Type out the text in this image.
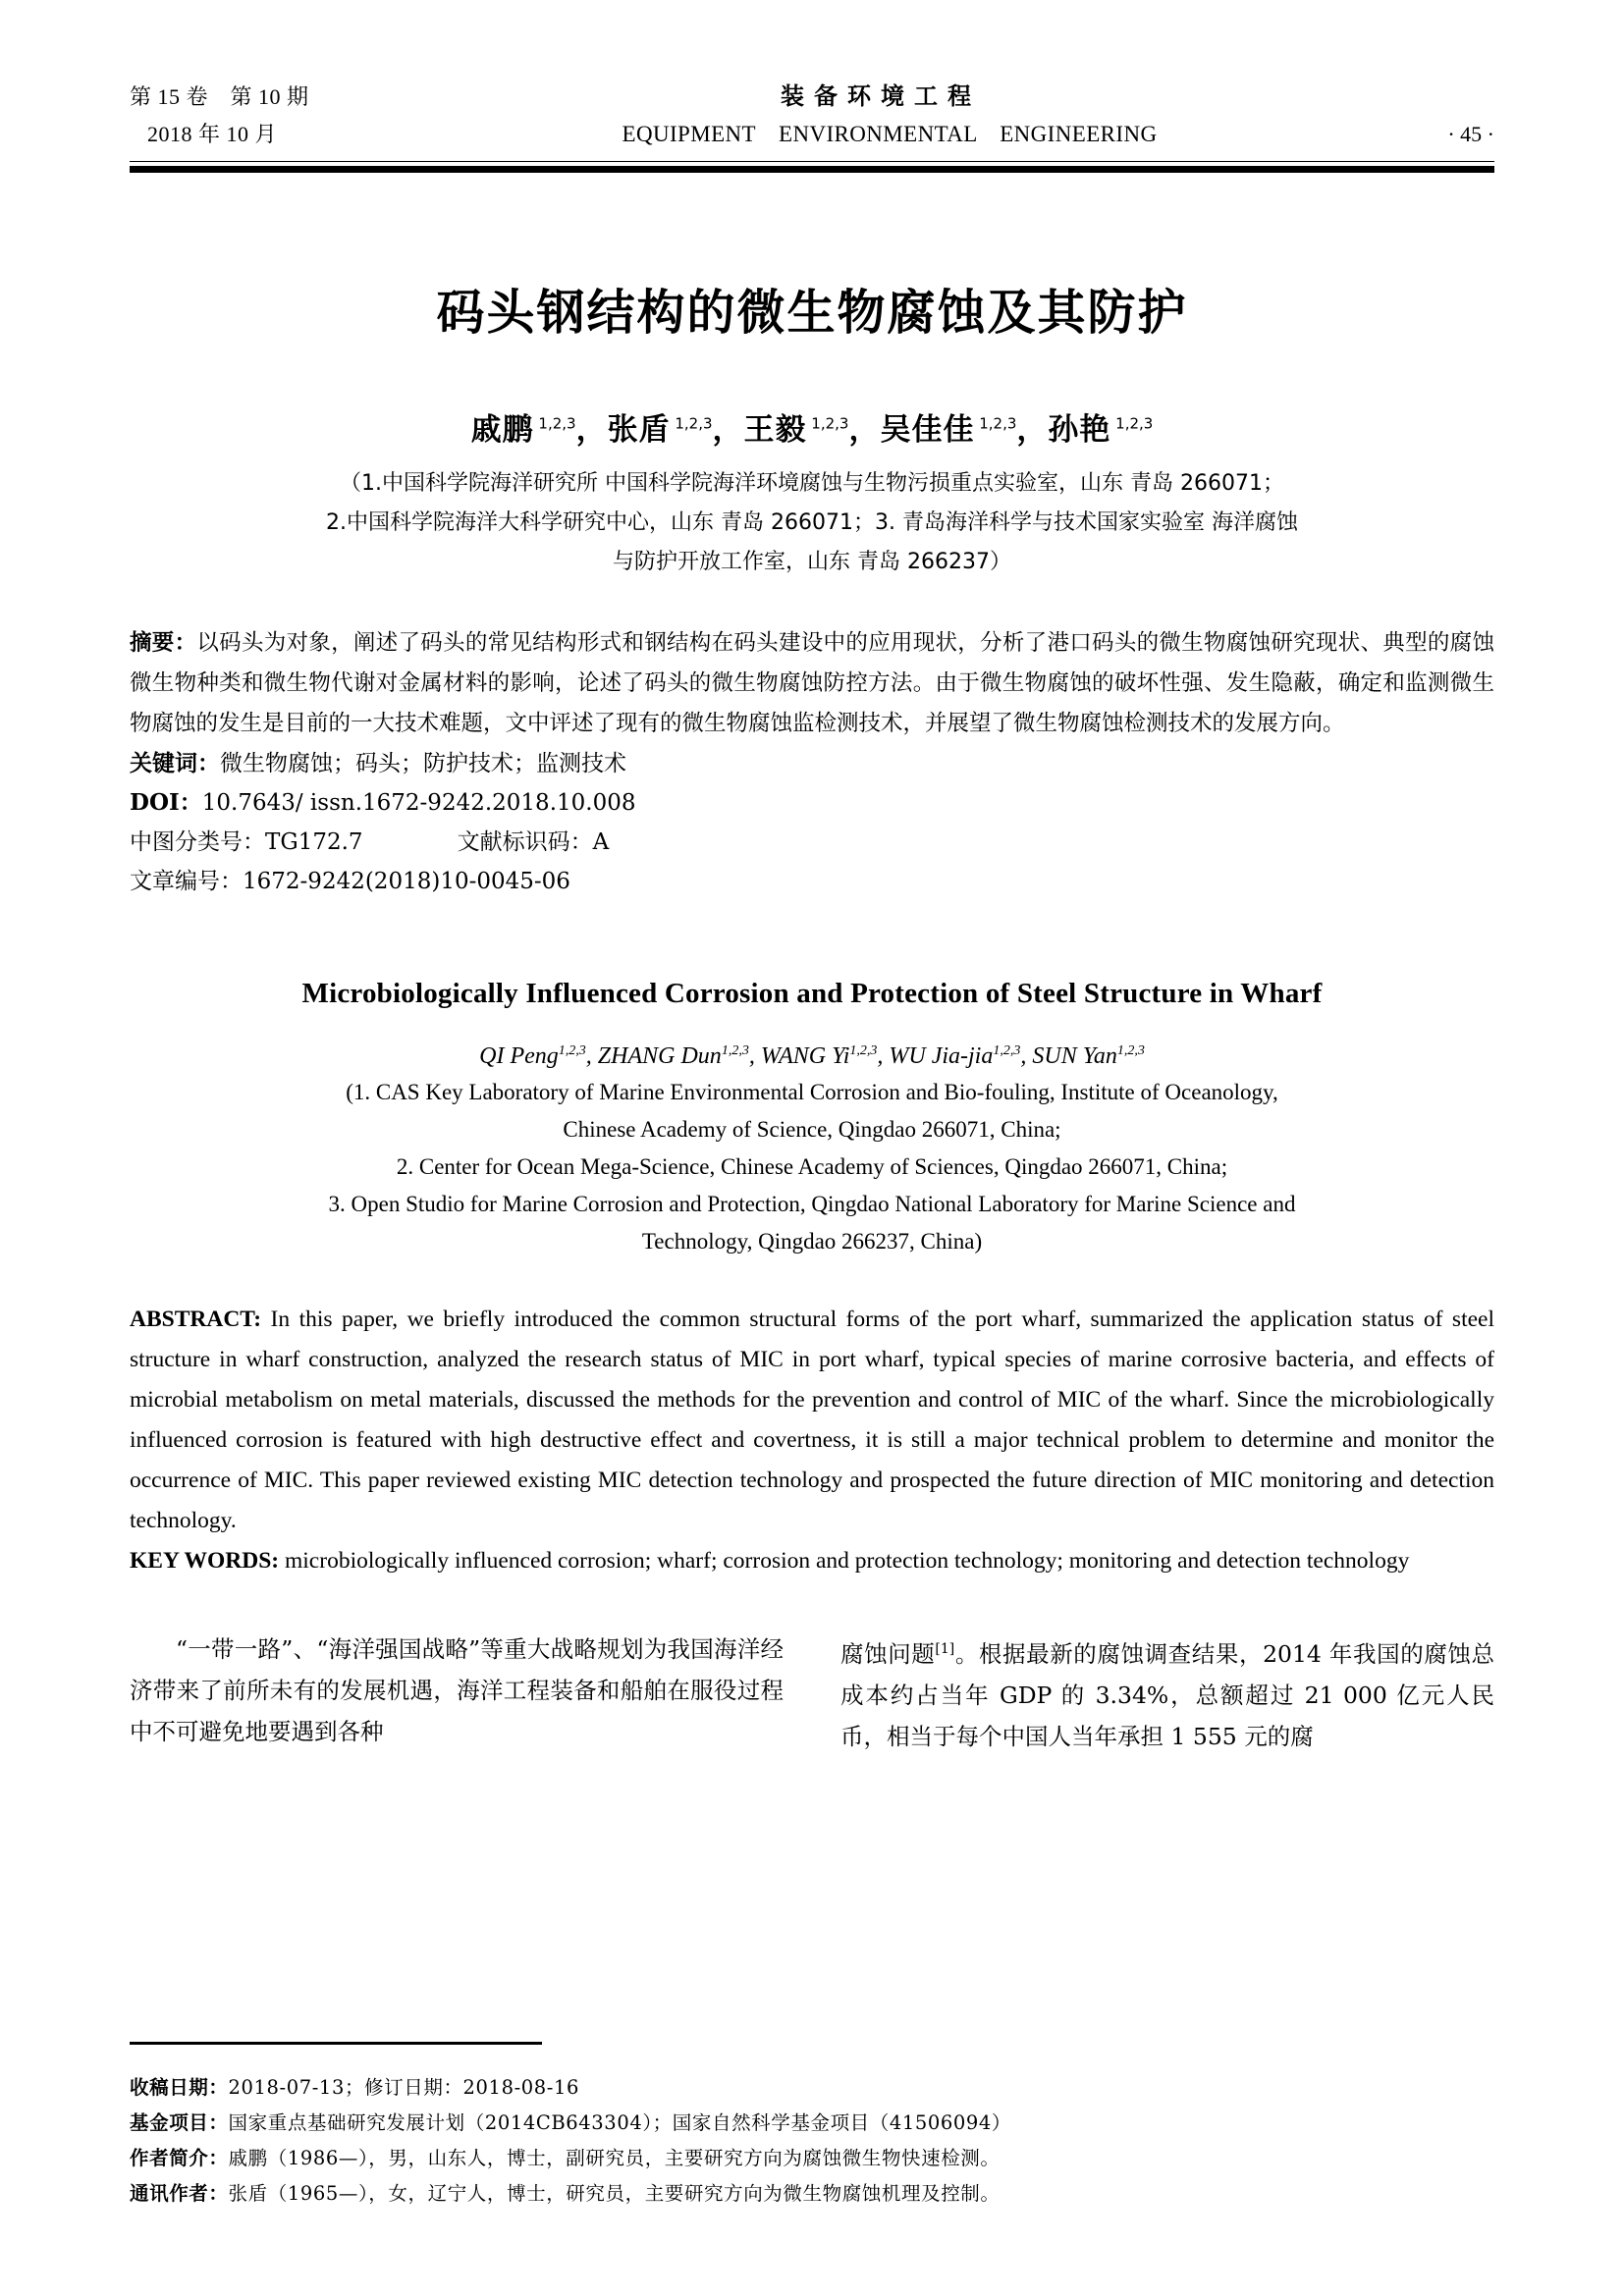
第 15 卷　第 10 期	装备环境工程
2018 年 10 月	EQUIPMENT　ENVIRONMENTAL　ENGINEERING	· 45 ·
码头钢结构的微生物腐蚀及其防护
戚鹏 $^{1,2,3}$，张盾 $^{1,2,3}$，王毅 $^{1,2,3}$，吴佳佳 $^{1,2,3}$，孙艳 $^{1,2,3}$
（1.中国科学院海洋研究所 中国科学院海洋环境腐蚀与生物污损重点实验室，山东 青岛 266071；
2.中国科学院海洋大科学研究中心，山东 青岛 266071；3. 青岛海洋科学与技术国家实验室 海洋腐蚀
与防护开放工作室，山东 青岛 266237）
摘要：以码头为对象，阐述了码头的常见结构形式和钢结构在码头建设中的应用现状，分析了港口码头的微生物腐蚀研究现状、典型的腐蚀微生物种类和微生物代谢对金属材料的影响，论述了码头的微生物腐蚀防控方法。由于微生物腐蚀的破坏性强、发生隐蔽，确定和监测微生物腐蚀的发生是目前的一大技术难题，文中评述了现有的微生物腐蚀监检测技术，并展望了微生物腐蚀检测技术的发展方向。
关键词：微生物腐蚀；码头；防护技术；监测技术
DOI：10.7643/ issn.1672-9242.2018.10.008
中图分类号：TG172.7	文献标识码：A
文章编号：1672-9242(2018)10-0045-06
Microbiologically Influenced Corrosion and Protection of Steel Structure in Wharf
QI Peng$^{1,2,3}$, ZHANG Dun$^{1,2,3}$, WANG Yi$^{1,2,3}$, WU Jia-jia$^{1,2,3}$, SUN Yan$^{1,2,3}$
(1. CAS Key Laboratory of Marine Environmental Corrosion and Bio-fouling, Institute of Oceanology,
Chinese Academy of Science, Qingdao 266071, China;
2. Center for Ocean Mega-Science, Chinese Academy of Sciences, Qingdao 266071, China;
3. Open Studio for Marine Corrosion and Protection, Qingdao National Laboratory for Marine Science and
Technology, Qingdao 266237, China)
ABSTRACT: In this paper, we briefly introduced the common structural forms of the port wharf, summarized the application status of steel structure in wharf construction, analyzed the research status of MIC in port wharf, typical species of marine corrosive bacteria, and effects of microbial metabolism on metal materials, discussed the methods for the prevention and control of MIC of the wharf. Since the microbiologically influenced corrosion is featured with high destructive effect and covertness, it is still a major technical problem to determine and monitor the occurrence of MIC. This paper reviewed existing MIC detection technology and prospected the future direction of MIC monitoring and detection technology.
KEY WORDS: microbiologically influenced corrosion; wharf; corrosion and protection technology; monitoring and detection technology

“一带一路”、“海洋强国战略”等重大战略规划为我国海洋经济带来了前所未有的发展机遇，海洋工程装备和船舶在服役过程中不可避免地要遇到各种

腐蚀问题[1]。根据最新的腐蚀调查结果，2014 年我国的腐蚀总成本约占当年 GDP 的 3.34%，总额超过 21 000 亿元人民币，相当于每个中国人当年承担 1 555 元的腐

收稿日期：2018-07-13；修订日期：2018-08-16
基金项目：国家重点基础研究发展计划（2014CB643304）；国家自然科学基金项目（41506094）
作者简介：戚鹏（1986—），男，山东人，博士，副研究员，主要研究方向为腐蚀微生物快速检测。
通讯作者：张盾（1965—），女，辽宁人，博士，研究员，主要研究方向为微生物腐蚀机理及控制。
